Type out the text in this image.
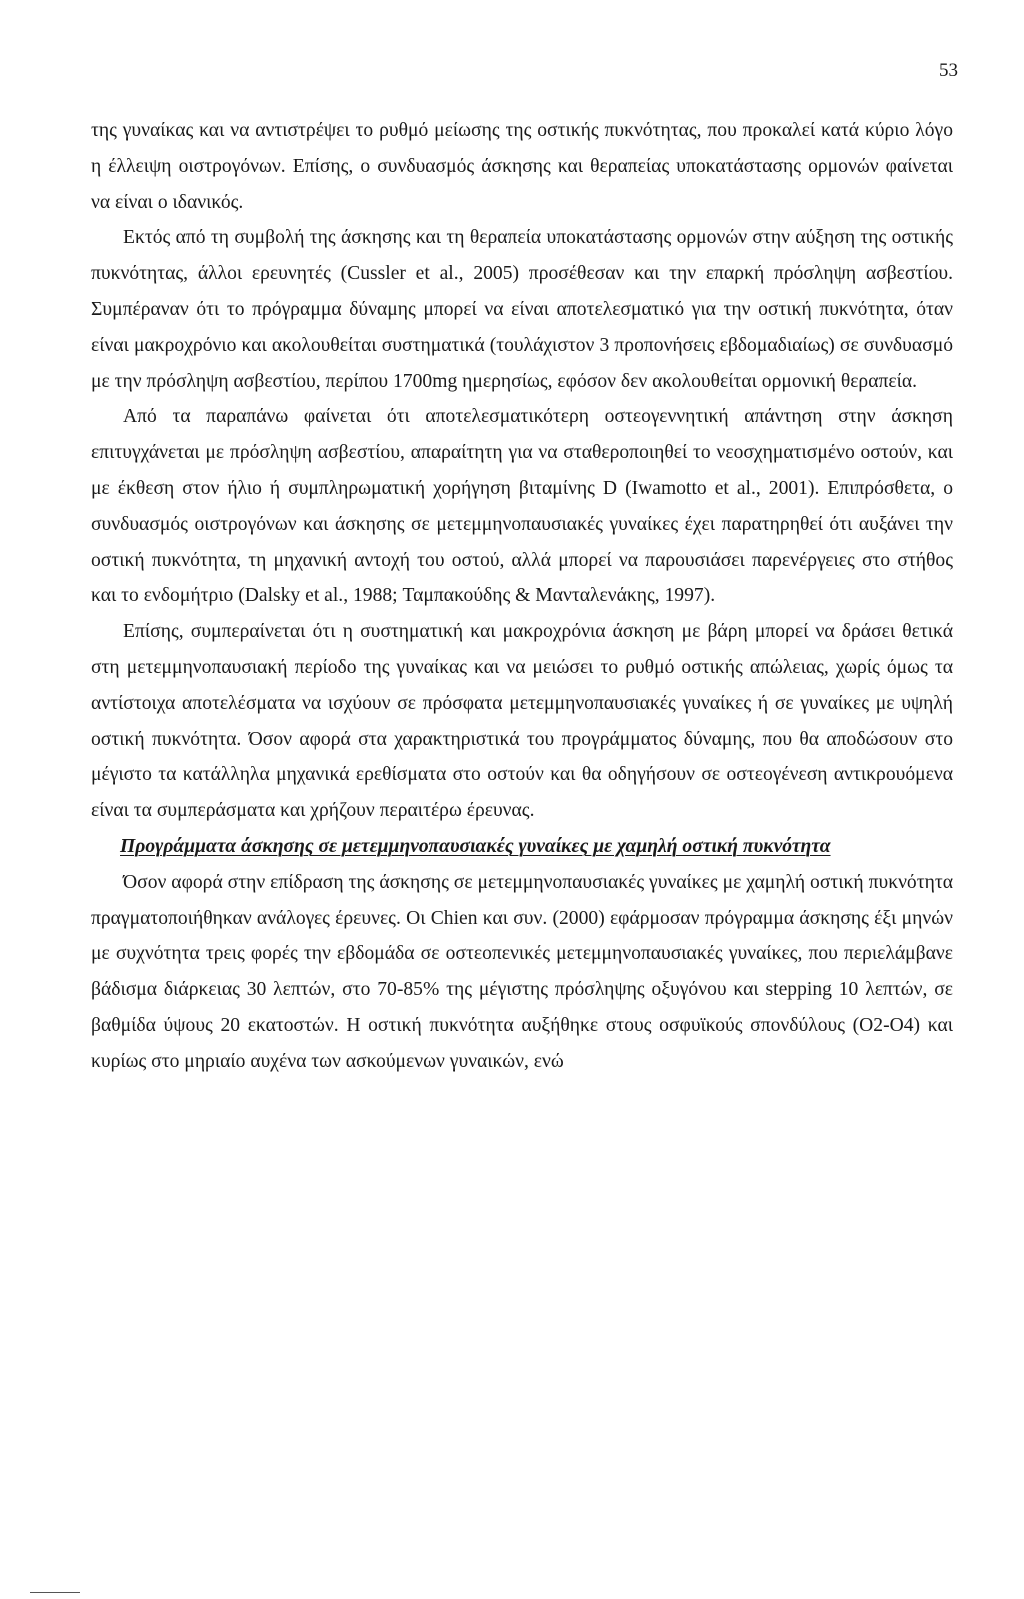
53

της γυναίκας και να αντιστρέψει το ρυθμό μείωσης της οστικής πυκνότητας, που προκαλεί κατά κύριο λόγο η έλλειψη οιστρογόνων. Επίσης, ο συνδυασμός άσκησης και θεραπείας υποκατάστασης ορμονών φαίνεται να είναι ο ιδανικός.

Εκτός από τη συμβολή της άσκησης και τη θεραπεία υποκατάστασης ορμονών στην αύξηση της οστικής πυκνότητας, άλλοι ερευνητές (Cussler et al., 2005) προσέθεσαν και την επαρκή πρόσληψη ασβεστίου. Συμπέραναν ότι το πρόγραμμα δύναμης μπορεί να είναι αποτελεσματικό για την οστική πυκνότητα, όταν είναι μακροχρόνιο και ακολουθείται συστηματικά (τουλάχιστον 3 προπονήσεις εβδομαδιαίως) σε συνδυασμό με την πρόσληψη ασβεστίου, περίπου 1700mg ημερησίως, εφόσον δεν ακολουθείται ορμονική θεραπεία.

Από τα παραπάνω φαίνεται ότι αποτελεσματικότερη οστεογεννητική απάντηση στην άσκηση επιτυγχάνεται με πρόσληψη ασβεστίου, απαραίτητη για να σταθεροποιηθεί το νεοσχηματισμένο οστούν, και με έκθεση στον ήλιο ή συμπληρωματική χορήγηση βιταμίνης D (Iwamotto et al., 2001). Επιπρόσθετα, ο συνδυασμός οιστρογόνων και άσκησης σε μετεμμηνοπαυσιακές γυναίκες έχει παρατηρηθεί ότι αυξάνει την οστική πυκνότητα, τη μηχανική αντοχή του οστού, αλλά μπορεί να παρουσιάσει παρενέργειες στο στήθος και το ενδομήτριο (Dalsky et al., 1988; Ταμπακούδης & Μανταλενάκης, 1997).

Επίσης, συμπεραίνεται ότι η συστηματική και μακροχρόνια άσκηση με βάρη μπορεί να δράσει θετικά στη μετεμμηνοπαυσιακή περίοδο της γυναίκας και να μειώσει το ρυθμό οστικής απώλειας, χωρίς όμως τα αντίστοιχα αποτελέσματα να ισχύουν σε πρόσφατα μετεμμηνοπαυσιακές γυναίκες ή σε γυναίκες με υψηλή οστική πυκνότητα. Όσον αφορά στα χαρακτηριστικά του προγράμματος δύναμης, που θα αποδώσουν στο μέγιστο τα κατάλληλα μηχανικά ερεθίσματα στο οστούν και θα οδηγήσουν σε οστεογένεση αντικρουόμενα είναι τα συμπεράσματα και χρήζουν περαιτέρω έρευνας.

Προγράμματα άσκησης σε μετεμμηνοπαυσιακές γυναίκες με χαμηλή οστική πυκνότητα

Όσον αφορά στην επίδραση της άσκησης σε μετεμμηνοπαυσιακές γυναίκες με χαμηλή οστική πυκνότητα πραγματοποιήθηκαν ανάλογες έρευνες. Οι Chien και συν. (2000) εφάρμοσαν πρόγραμμα άσκησης έξι μηνών με συχνότητα τρεις φορές την εβδομάδα σε οστεοπενικές μετεμμηνοπαυσιακές γυναίκες, που περιελάμβανε βάδισμα διάρκειας 30 λεπτών, στο 70-85% της μέγιστης πρόσληψης οξυγόνου και stepping 10 λεπτών, σε βαθμίδα ύψους 20 εκατοστών. Η οστική πυκνότητα αυξήθηκε στους οσφυϊκούς σπονδύλους (Ο2-Ο4) και κυρίως στο μηριαίο αυχένα των ασκούμενων γυναικών, ενώ
